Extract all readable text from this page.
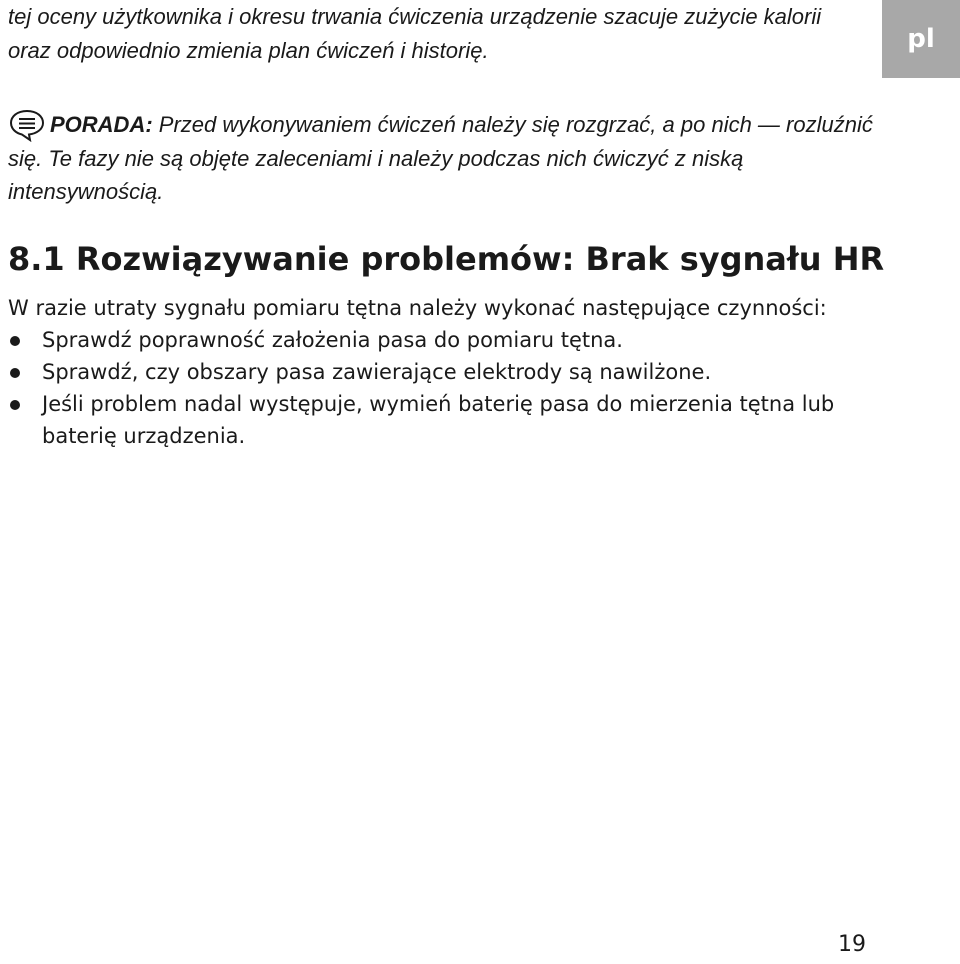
pl

tej oceny użytkownika i okresu trwania ćwiczenia urządzenie szacuje zużycie kalorii

oraz odpowiednio zmienia plan ćwiczeń i historię.

PORADA: Przed wykonywaniem ćwiczeń należy się rozgrzać, a po nich — rozluźnić się. Te fazy nie są objęte zaleceniami i należy podczas nich ćwiczyć z niską intensywnością.
8.1 Rozwiązywanie problemów: Brak sygnału HR

W razie utraty sygnału pomiaru tętna należy wykonać następujące czynności:

Sprawdź poprawność założenia pasa do pomiaru tętna.
Sprawdź, czy obszary pasa zawierające elektrody są nawilżone.
Jeśli problem nadal występuje, wymień baterię pasa do mierzenia tętna lub baterię urządzenia.
19
